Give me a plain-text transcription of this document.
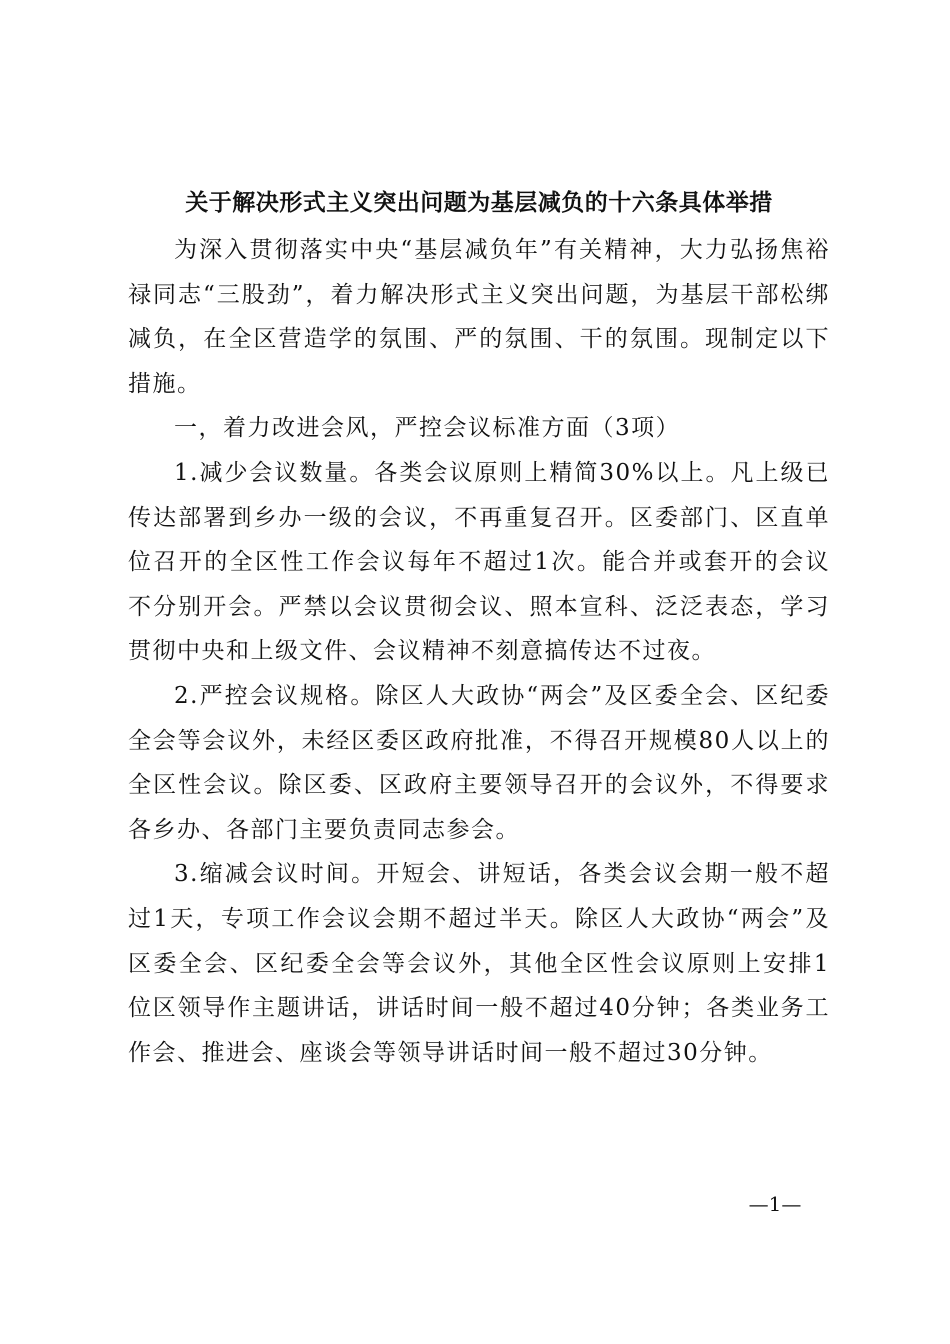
关于解决形式主义突出问题为基层减负的十六条具体举措

为深入贯彻落实中央“基层减负年”有关精神，大力弘扬焦裕禄同志“三股劲”，着力解决形式主义突出问题，为基层干部松绑减负，在全区营造学的氛围、严的氛围、干的氛围。现制定以下措施。

一，着力改进会风，严控会议标准方面（3项）

1.减少会议数量。各类会议原则上精简30%以上。凡上级已传达部署到乡办一级的会议，不再重复召开。区委部门、区直单位召开的全区性工作会议每年不超过1次。能合并或套开的会议不分别开会。严禁以会议贯彻会议、照本宣科、泛泛表态，学习贯彻中央和上级文件、会议精神不刻意搞传达不过夜。

2.严控会议规格。除区人大政协“两会”及区委全会、区纪委全会等会议外，未经区委区政府批准，不得召开规模80人以上的全区性会议。除区委、区政府主要领导召开的会议外，不得要求各乡办、各部门主要负责同志参会。

3.缩减会议时间。开短会、讲短话，各类会议会期一般不超过1天，专项工作会议会期不超过半天。除区人大政协“两会”及区委全会、区纪委全会等会议外，其他全区性会议原则上安排1位区领导作主题讲话，讲话时间一般不超过40分钟；各类业务工作会、推进会、座谈会等领导讲话时间一般不超过30分钟。

—1—
